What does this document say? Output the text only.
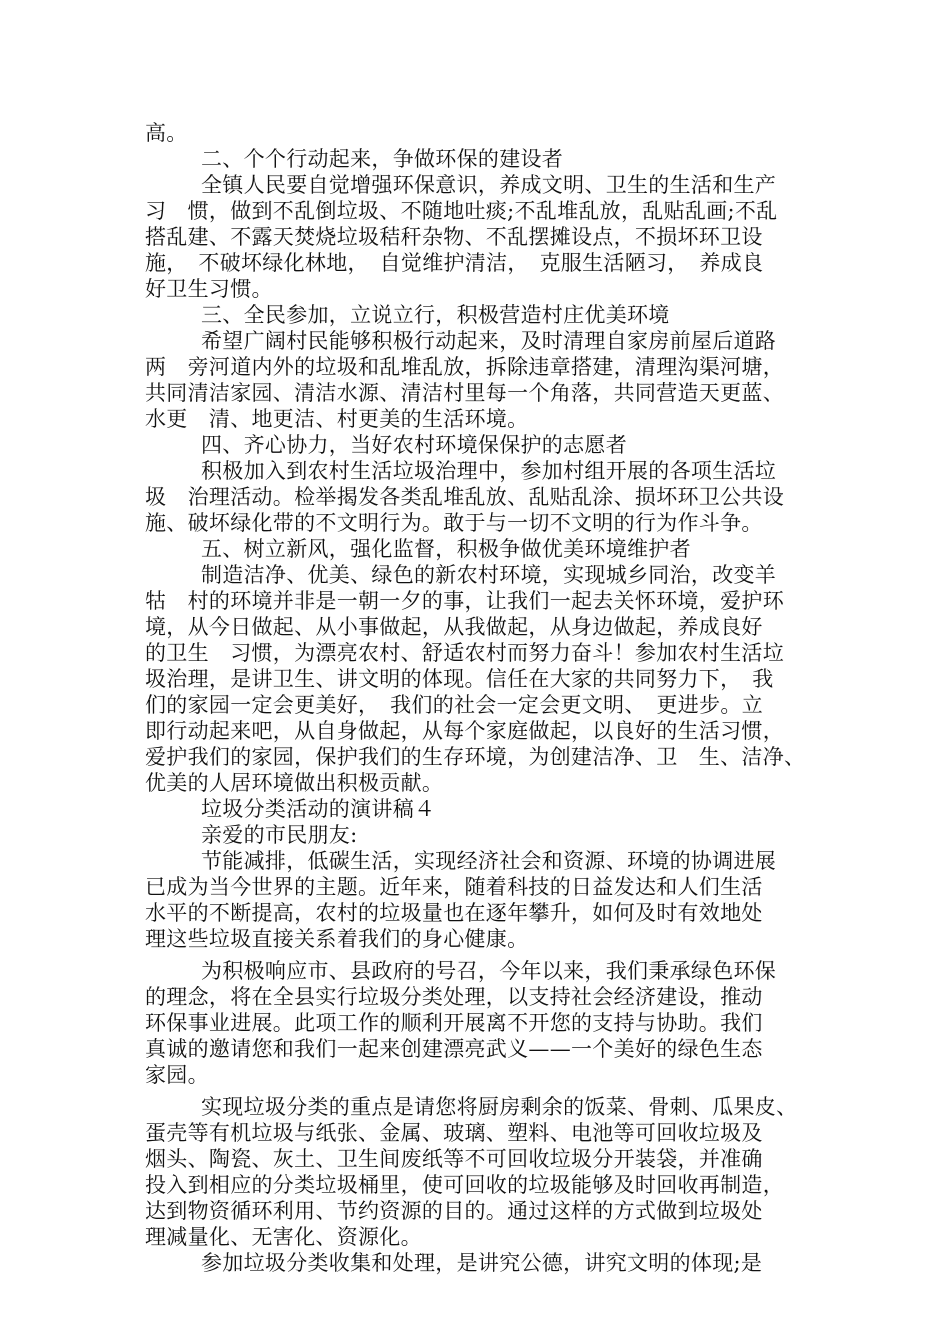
高。
二、个个行动起来，争做环保的建设者
全镇人民要自觉增强环保意识，养成文明、卫生的生活和生产
习　惯，做到不乱倒垃圾、不随地吐痰;不乱堆乱放，乱贴乱画;不乱
搭乱建、不露天焚烧垃圾秸秆杂物、不乱摆摊设点，不损坏环卫设
施，　不破坏绿化林地，　自觉维护清洁，　克服生活陋习，　养成良
好卫生习惯。
三、全民参加，立说立行，积极营造村庄优美环境
希望广阔村民能够积极行动起来，及时清理自家房前屋后道路
两　旁河道内外的垃圾和乱堆乱放，拆除违章搭建，清理沟渠河塘，
共同清洁家园、清洁水源、清洁村里每一个角落，共同营造天更蓝、
水更　清、地更洁、村更美的生活环境。
四、齐心协力，当好农村环境保保护的志愿者
积极加入到农村生活垃圾治理中，参加村组开展的各项生活垃
圾　治理活动。检举揭发各类乱堆乱放、乱贴乱涂、损坏环卫公共设
施、破坏绿化带的不文明行为。敢于与一切不文明的行为作斗争。
五、树立新风，强化监督，积极争做优美环境维护者
制造洁净、优美、绿色的新农村环境，实现城乡同治，改变羊
牯　村的环境并非是一朝一夕的事，让我们一起去关怀环境，爱护环
境，从今日做起、从小事做起，从我做起，从身边做起，养成良好
的卫生　习惯，为漂亮农村、舒适农村而努力奋斗！参加农村生活垃
圾治理，是讲卫生、讲文明的体现。信任在大家的共同努力下，　我
们的家园一定会更美好，　我们的社会一定会更文明、　更进步。立
即行动起来吧，从自身做起，从每个家庭做起，以良好的生活习惯，
爱护我们的家园，保护我们的生存环境，为创建洁净、卫　生、洁净、
优美的人居环境做出积极贡献。
垃圾分类活动的演讲稿４
亲爱的市民朋友:
节能减排，低碳生活，实现经济社会和资源、环境的协调进展
已成为当今世界的主题。近年来，随着科技的日益发达和人们生活
水平的不断提高，农村的垃圾量也在逐年攀升，如何及时有效地处
理这些垃圾直接关系着我们的身心健康。
为积极响应市、县政府的号召，今年以来，我们秉承绿色环保
的理念，将在全县实行垃圾分类处理，以支持社会经济建设，推动
环保事业进展。此项工作的顺利开展离不开您的支持与协助。我们
真诚的邀请您和我们一起来创建漂亮武义——一个美好的绿色生态
家园。
实现垃圾分类的重点是请您将厨房剩余的饭菜、骨刺、瓜果皮、
蛋壳等有机垃圾与纸张、金属、玻璃、塑料、电池等可回收垃圾及
烟头、陶瓷、灰土、卫生间废纸等不可回收垃圾分开装袋，并准确
投入到相应的分类垃圾桶里，使可回收的垃圾能够及时回收再制造，
达到物资循环利用、节约资源的目的。通过这样的方式做到垃圾处
理减量化、无害化、资源化。
参加垃圾分类收集和处理，是讲究公德，讲究文明的体现;是
